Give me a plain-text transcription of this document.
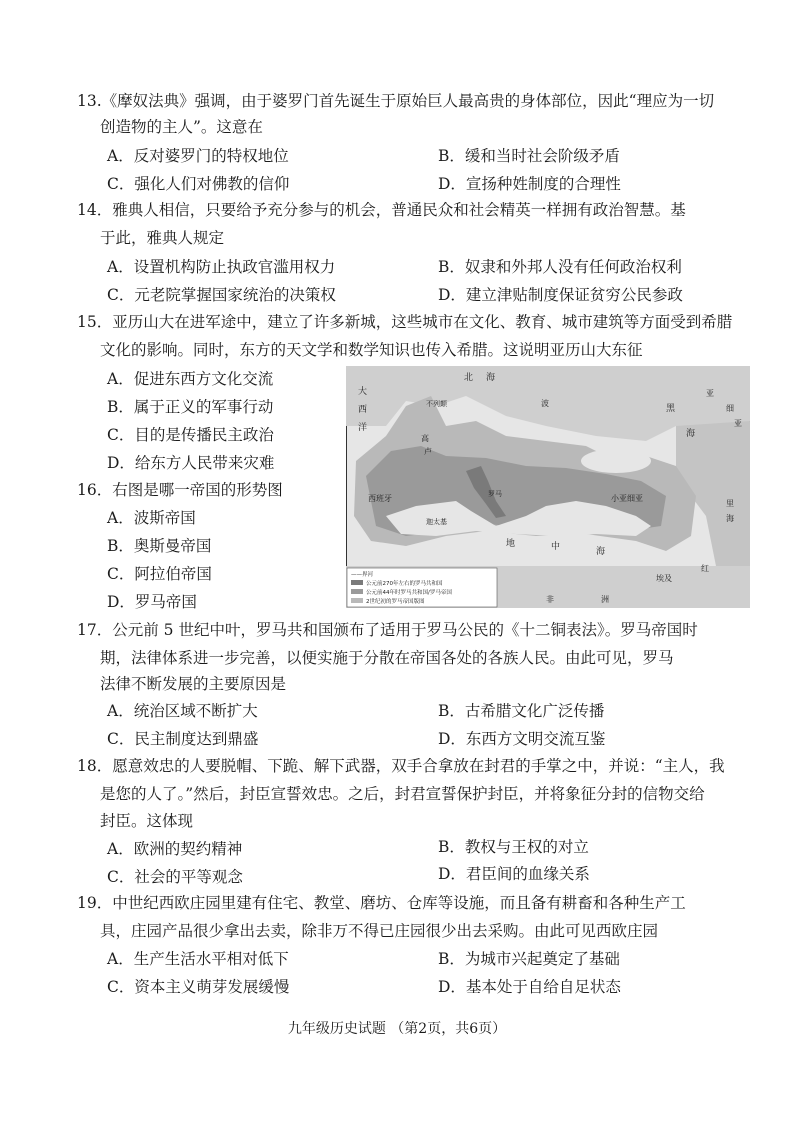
13.《摩奴法典》强调，由于婆罗门首先诞生于原始巨人最高贵的身体部位，因此“理应为一切
创造物的主人”。这意在
A．反对婆罗门的特权地位	B．缓和当时社会阶级矛盾
C．强化人们对佛教的信仰	D．宣扬种姓制度的合理性
14．雅典人相信，只要给予充分参与的机会，普通民众和社会精英一样拥有政治智慧。基
于此，雅典人规定
A．设置机构防止执政官滥用权力	B．奴隶和外邦人没有任何政治权利
C．元老院掌握国家统治的决策权	D．建立津贴制度保证贫穷公民参政
15．亚历山大在进军途中，建立了许多新城，这些城市在文化、教育、城市建筑等方面受到希腊
文化的影响。同时，东方的天文学和数学知识也传入希腊。这说明亚历山大东征
A．促进东西方文化交流
B．属于正义的军事行动
C．目的是传播民主政治
D．给东方人民带来灾难
16．右图是哪一帝国的形势图
A．波斯帝国
B．奥斯曼帝国
C．阿拉伯帝国
D．罗马帝国
——界河
公元前270年左右的罗马共和国
公元前44年时罗马共和国/罗马帝国
2世纪初的罗马帝国版图
大
西
洋
北 海
不列颠
高
卢
西班牙
波
罗马
黑
海
小亚细亚
地	中	海
迦太基
红
埃及
非	洲
亚
细
亚
里
海
17．公元前 5 世纪中叶，罗马共和国颁布了适用于罗马公民的《十二铜表法》。罗马帝国时
期，法律体系进一步完善，以便实施于分散在帝国各处的各族人民。由此可见，罗马
法律不断发展的主要原因是
A．统治区域不断扩大	B．古希腊文化广泛传播
C．民主制度达到鼎盛	D．东西方文明交流互鉴
18．愿意效忠的人要脱帽、下跪、解下武器，双手合拿放在封君的手掌之中，并说：“主人，我
是您的人了。”然后，封臣宣誓效忠。之后，封君宣誓保护封臣，并将象征分封的信物交给
封臣。这体现
A．欧洲的契约精神	B．教权与王权的对立
C．社会的平等观念	D．君臣间的血缘关系
19．中世纪西欧庄园里建有住宅、教堂、磨坊、仓库等设施，而且备有耕畜和各种生产工
具，庄园产品很少拿出去卖，除非万不得已庄园很少出去采购。由此可见西欧庄园
A．生产生活水平相对低下	B．为城市兴起奠定了基础
C．资本主义萌芽发展缓慢	D．基本处于自给自足状态
九年级历史试题 （第2页，共6页）
